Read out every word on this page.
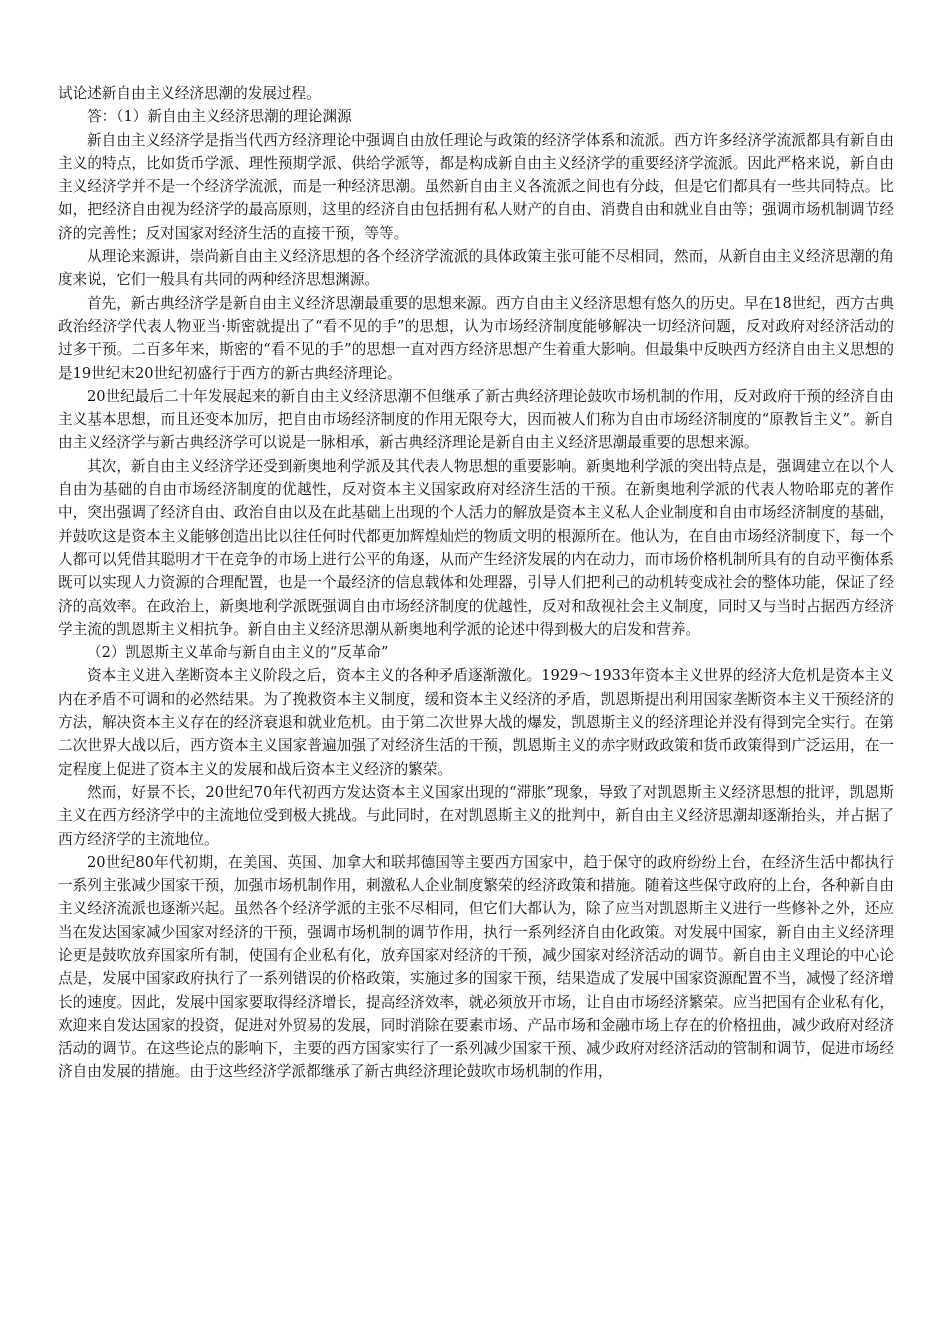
试论述新自由主义经济思潮的发展过程。

答：（1）新自由主义经济思潮的理论渊源

新自由主义经济学是指当代西方经济理论中强调自由放任理论与政策的经济学体系和流派。西方许多经济学流派都具有新自由主义的特点，比如货币学派、理性预期学派、供给学派等，都是构成新自由主义经济学的重要经济学流派。因此严格来说，新自由主义经济学并不是一个经济学流派，而是一种经济思潮。虽然新自由主义各流派之间也有分歧，但是它们都具有一些共同特点。比如，把经济自由视为经济学的最高原则，这里的经济自由包括拥有私人财产的自由、消费自由和就业自由等；强调市场机制调节经济的完善性；反对国家对经济生活的直接干预，等等。

从理论来源讲，崇尚新自由主义经济思想的各个经济学流派的具体政策主张可能不尽相同，然而，从新自由主义经济思潮的角度来说，它们一般具有共同的两种经济思想渊源。

首先，新古典经济学是新自由主义经济思潮最重要的思想来源。西方自由主义经济思想有悠久的历史。早在18世纪，西方古典政治经济学代表人物亚当·斯密就提出了“看不见的手”的思想，认为市场经济制度能够解决一切经济问题，反对政府对经济活动的过多干预。二百多年来，斯密的“看不见的手”的思想一直对西方经济思想产生着重大影响。但最集中反映西方经济自由主义思想的是19世纪末20世纪初盛行于西方的新古典经济理论。

20世纪最后二十年发展起来的新自由主义经济思潮不但继承了新古典经济理论鼓吹市场机制的作用，反对政府干预的经济自由主义基本思想，而且还变本加厉，把自由市场经济制度的作用无限夸大，因而被人们称为自由市场经济制度的“原教旨主义”。新自由主义经济学与新古典经济学可以说是一脉相承，新古典经济理论是新自由主义经济思潮最重要的思想来源。

其次，新自由主义经济学还受到新奥地利学派及其代表人物思想的重要影响。新奥地利学派的突出特点是，强调建立在以个人自由为基础的自由市场经济制度的优越性，反对资本主义国家政府对经济生活的干预。在新奥地利学派的代表人物哈耶克的著作中，突出强调了经济自由、政治自由以及在此基础上出现的个人活力的解放是资本主义私人企业制度和自由市场经济制度的基础，并鼓吹这是资本主义能够创造出比以往任何时代都更加辉煌灿烂的物质文明的根源所在。他认为，在自由市场经济制度下，每一个人都可以凭借其聪明才干在竞争的市场上进行公平的角逐，从而产生经济发展的内在动力，而市场价格机制所具有的自动平衡体系既可以实现人力资源的合理配置，也是一个最经济的信息载体和处理器，引导人们把利己的动机转变成社会的整体功能，保证了经济的高效率。在政治上，新奥地利学派既强调自由市场经济制度的优越性，反对和敌视社会主义制度，同时又与当时占据西方经济学主流的凯恩斯主义相抗争。新自由主义经济思潮从新奥地利学派的论述中得到极大的启发和营养。

（2）凯恩斯主义革命与新自由主义的“反革命”

资本主义进入垄断资本主义阶段之后，资本主义的各种矛盾逐渐激化。1929～1933年资本主义世界的经济大危机是资本主义内在矛盾不可调和的必然结果。为了挽救资本主义制度，缓和资本主义经济的矛盾，凯恩斯提出利用国家垄断资本主义干预经济的方法，解决资本主义存在的经济衰退和就业危机。由于第二次世界大战的爆发，凯恩斯主义的经济理论并没有得到完全实行。在第二次世界大战以后，西方资本主义国家普遍加强了对经济生活的干预，凯恩斯主义的赤字财政政策和货币政策得到广泛运用，在一定程度上促进了资本主义的发展和战后资本主义经济的繁荣。

然而，好景不长，20世纪70年代初西方发达资本主义国家出现的“滞胀”现象，导致了对凯恩斯主义经济思想的批评，凯恩斯主义在西方经济学中的主流地位受到极大挑战。与此同时，在对凯恩斯主义的批判中，新自由主义经济思潮却逐渐抬头，并占据了西方经济学的主流地位。

20世纪80年代初期，在美国、英国、加拿大和联邦德国等主要西方国家中，趋于保守的政府纷纷上台，在经济生活中都执行一系列主张减少国家干预，加强市场机制作用，刺激私人企业制度繁荣的经济政策和措施。随着这些保守政府的上台，各种新自由主义经济流派也逐渐兴起。虽然各个经济学派的主张不尽相同，但它们大都认为，除了应当对凯恩斯主义进行一些修补之外，还应当在发达国家减少国家对经济的干预，强调市场机制的调节作用，执行一系列经济自由化政策。对发展中国家，新自由主义经济理论更是鼓吹放弃国家所有制，使国有企业私有化，放弃国家对经济的干预，减少国家对经济活动的调节。新自由主义理论的中心论点是，发展中国家政府执行了一系列错误的价格政策，实施过多的国家干预，结果造成了发展中国家资源配置不当，减慢了经济增长的速度。因此，发展中国家要取得经济增长，提高经济效率，就必须放开市场，让自由市场经济繁荣。应当把国有企业私有化，欢迎来自发达国家的投资，促进对外贸易的发展，同时消除在要素市场、产品市场和金融市场上存在的价格扭曲，减少政府对经济活动的调节。在这些论点的影响下，主要的西方国家实行了一系列减少国家干预、减少政府对经济活动的管制和调节，促进市场经济自由发展的措施。由于这些经济学派都继承了新古典经济理论鼓吹市场机制的作用，
